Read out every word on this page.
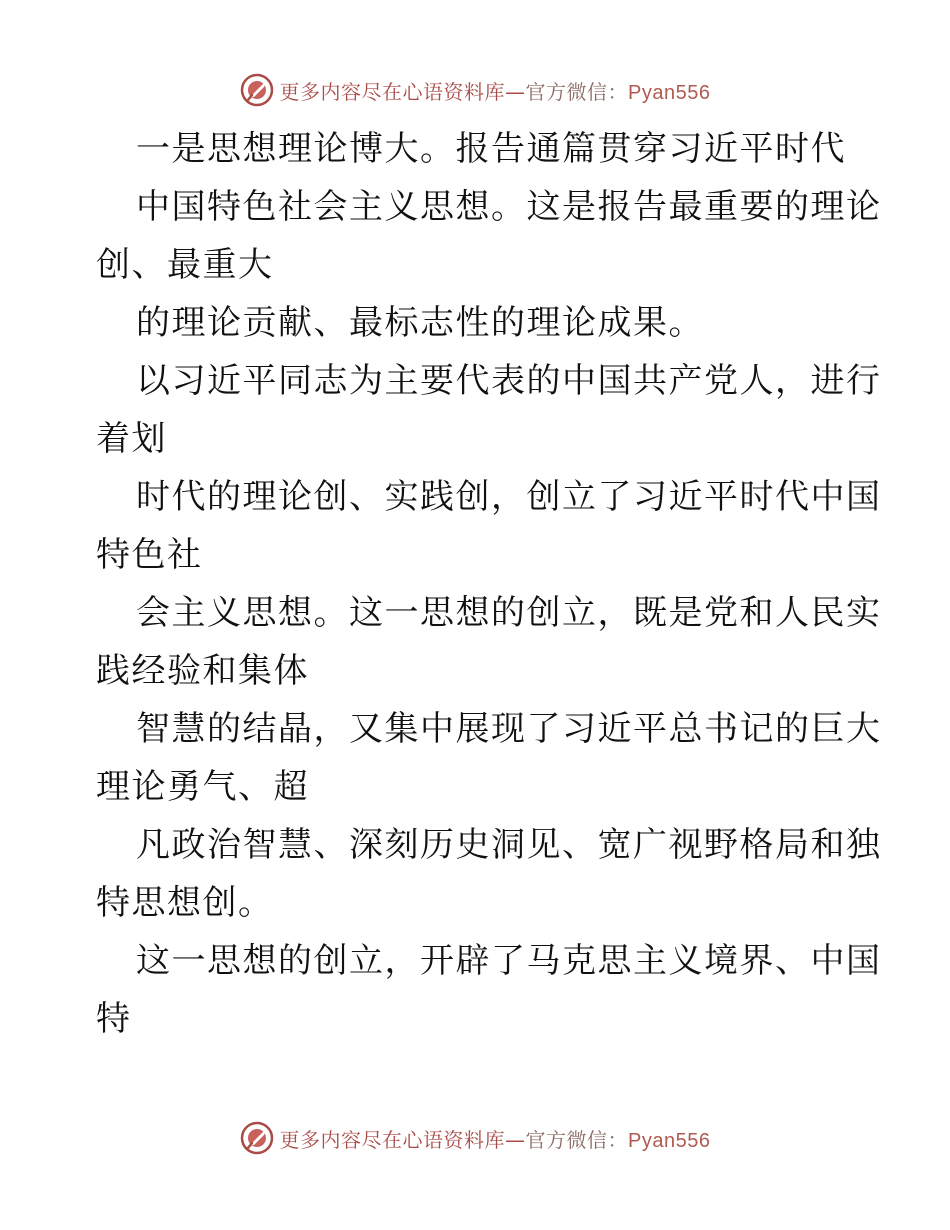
更多内容尽在心语资料库—官方微信：Pyan556
一是思想理论博大。报告通篇贯穿习近平时代
中国特色社会主义思想。这是报告最重要的理论
创、最重大
的理论贡献、最标志性的理论成果。
以习近平同志为主要代表的中国共产党人，进行
着划
时代的理论创、实践创，创立了习近平时代中国
特色社
会主义思想。这一思想的创立，既是党和人民实
践经验和集体
智慧的结晶，又集中展现了习近平总书记的巨大
理论勇气、超
凡政治智慧、深刻历史洞见、宽广视野格局和独
特思想创。
这一思想的创立，开辟了马克思主义境界、中国
特
更多内容尽在心语资料库—官方微信：Pyan556
